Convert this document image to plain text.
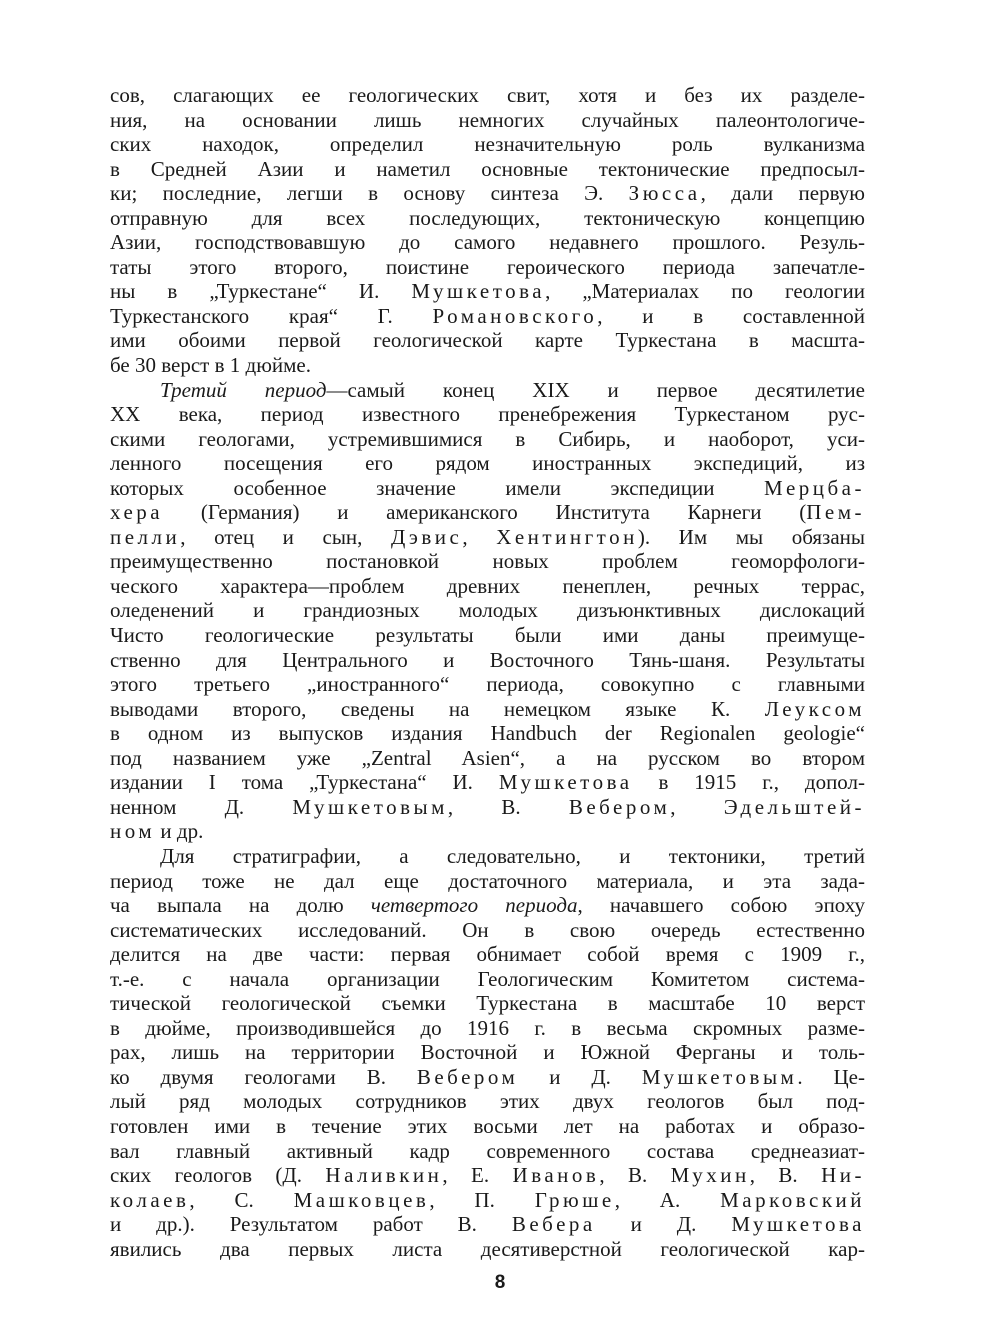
сов, слагающих ее геологических свит, хотя и без их разделе-
ния, на основании лишь немногих случайных палеонтологиче-
ских находок, определил незначительную роль вулканизма
в Средней Азии и наметил основные тектонические предпосыл-
ки; последние, легши в основу синтеза Э. Зюсса, дали первую
отправную для всех последующих, тектоническую концепцию
Азии, господствовавшую до самого недавнего прошлого. Резуль-
таты этого второго, поистине героического периода запечатле-
ны в „Туркестане“ И. Мушкетова, „Материалах по геологии
Туркестанского края“ Г. Романовского, и в составленной
ими обоими первой геологической карте Туркестана в масшта-
бе 30 верст в 1 дюйме.
Третий период—самый конец XIX и первое десятилетие
XX века, период известного пренебрежения Туркестаном рус-
скими геологами, устремившимися в Сибирь, и наоборот, уси-
ленного посещения его рядом иностранных экспедиций, из
которых особенное значение имели экспедиции Мерцба-
хера (Германия) и американского Института Карнеги (Пем-
пелли, отец и сын, Дэвис, Хентингтон). Им мы обязаны
преимущественно постановкой новых проблем геоморфологи-
ческого характера—проблем древних пенеплен, речных террас,
оледенений и грандиозных молодых дизъюнктивных дислокаций
Чисто геологические результаты были ими даны преимуще-
ственно для Центрального и Восточного Тянь-шаня. Результаты
этого третьего „иностранного“ периода, совокупно с главными
выводами второго, сведены на немецком языке К. Леуксом
в одном из выпусков издания Handbuch der Regionalen geologie“
под названием уже „Zentral Asien“, а на русском во втором
издании I тома „Туркестана“ И. Мушкетова в 1915 г., допол-
ненном Д. Мушкетовым, В. Вебером, Эдельштей-
ном и др.
Для стратиграфии, а следовательно, и тектоники, третий
период тоже не дал еще достаточного материала, и эта зада-
ча выпала на долю четвертого периода, начавшего собою эпоху
систематических исследований. Он в свою очередь естественно
делится на две части: первая обнимает собой время с 1909 г.,
т.-е. с начала организации Геологическим Комитетом система-
тической геологической съемки Туркестана в масштабе 10 верст
в дюйме, производившейся до 1916 г. в весьма скромных разме-
рах, лишь на территории Восточной и Южной Ферганы и толь-
ко двумя геологами В. Вебером и Д. Мушкетовым. Це-
лый ряд молодых сотрудников этих двух геологов был под-
готовлен ими в течение этих восьми лет на работах и образо-
вал главный активный кадр современного состава среднеазиат-
ских геологов (Д. Наливкин, Е. Иванов, В. Мухин, В. Ни-
колаев, С. Машковцев, П. Грюше, А. Марковский
и др.). Результатом работ В. Вебера и Д. Мушкетова
явились два первых листа десятиверстной геологической кар-
8
